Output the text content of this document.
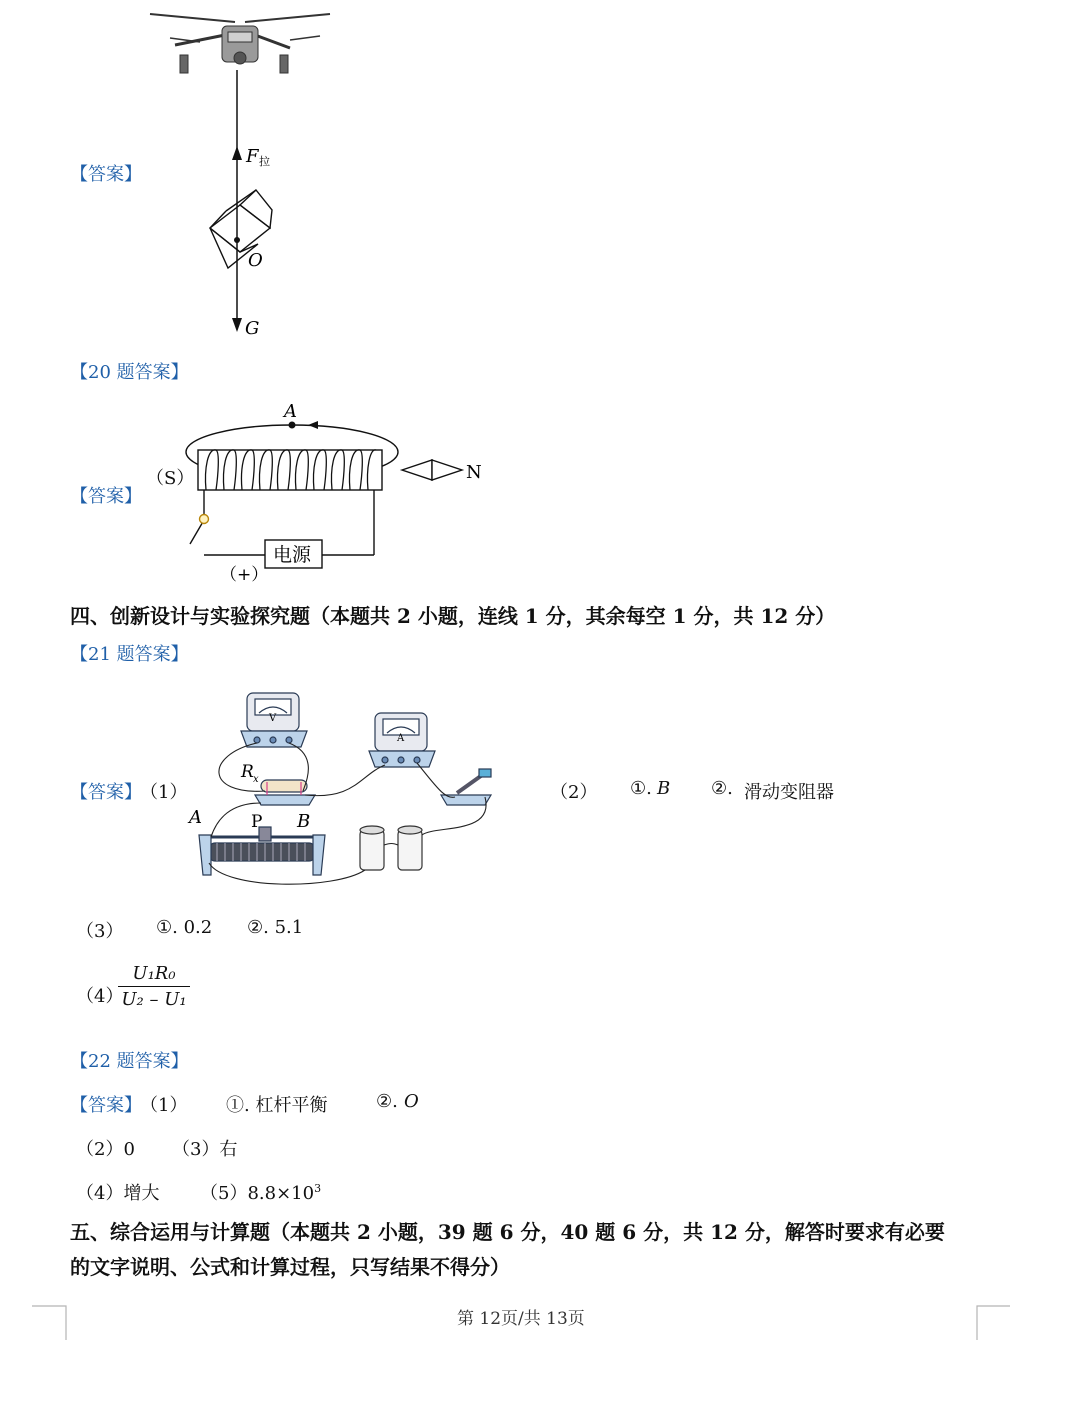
F 拉
O
G
【答案】
【20 题答案】
【答案】
A
电源
（+）
N
（S）
四、创新设计与实验探究题（本题共 2 小题，连线 1 分，其余每空 1 分，共 12 分）
【21 题答案】
【答案】
（1）
V
A
R x
A	P B
（2） ①. B ②. 滑动变阻器
（3） ①. 0.2 ②. 5.1
（4）
U₁R₀
U₂ – U₁
【22 题答案】
【答案】
（1） ①. 杠杆平衡	②. O
（2）0 （3）右
（4）增大 $(5)8.8\times 10^3$
五、综合运用与计算题（本题共 2 小题，39 题 6 分，40 题 6 分，共 12 分，解答时要求有必要
的文字说明、公式和计算过程，只写结果不得分）
第 12页/共 13页
